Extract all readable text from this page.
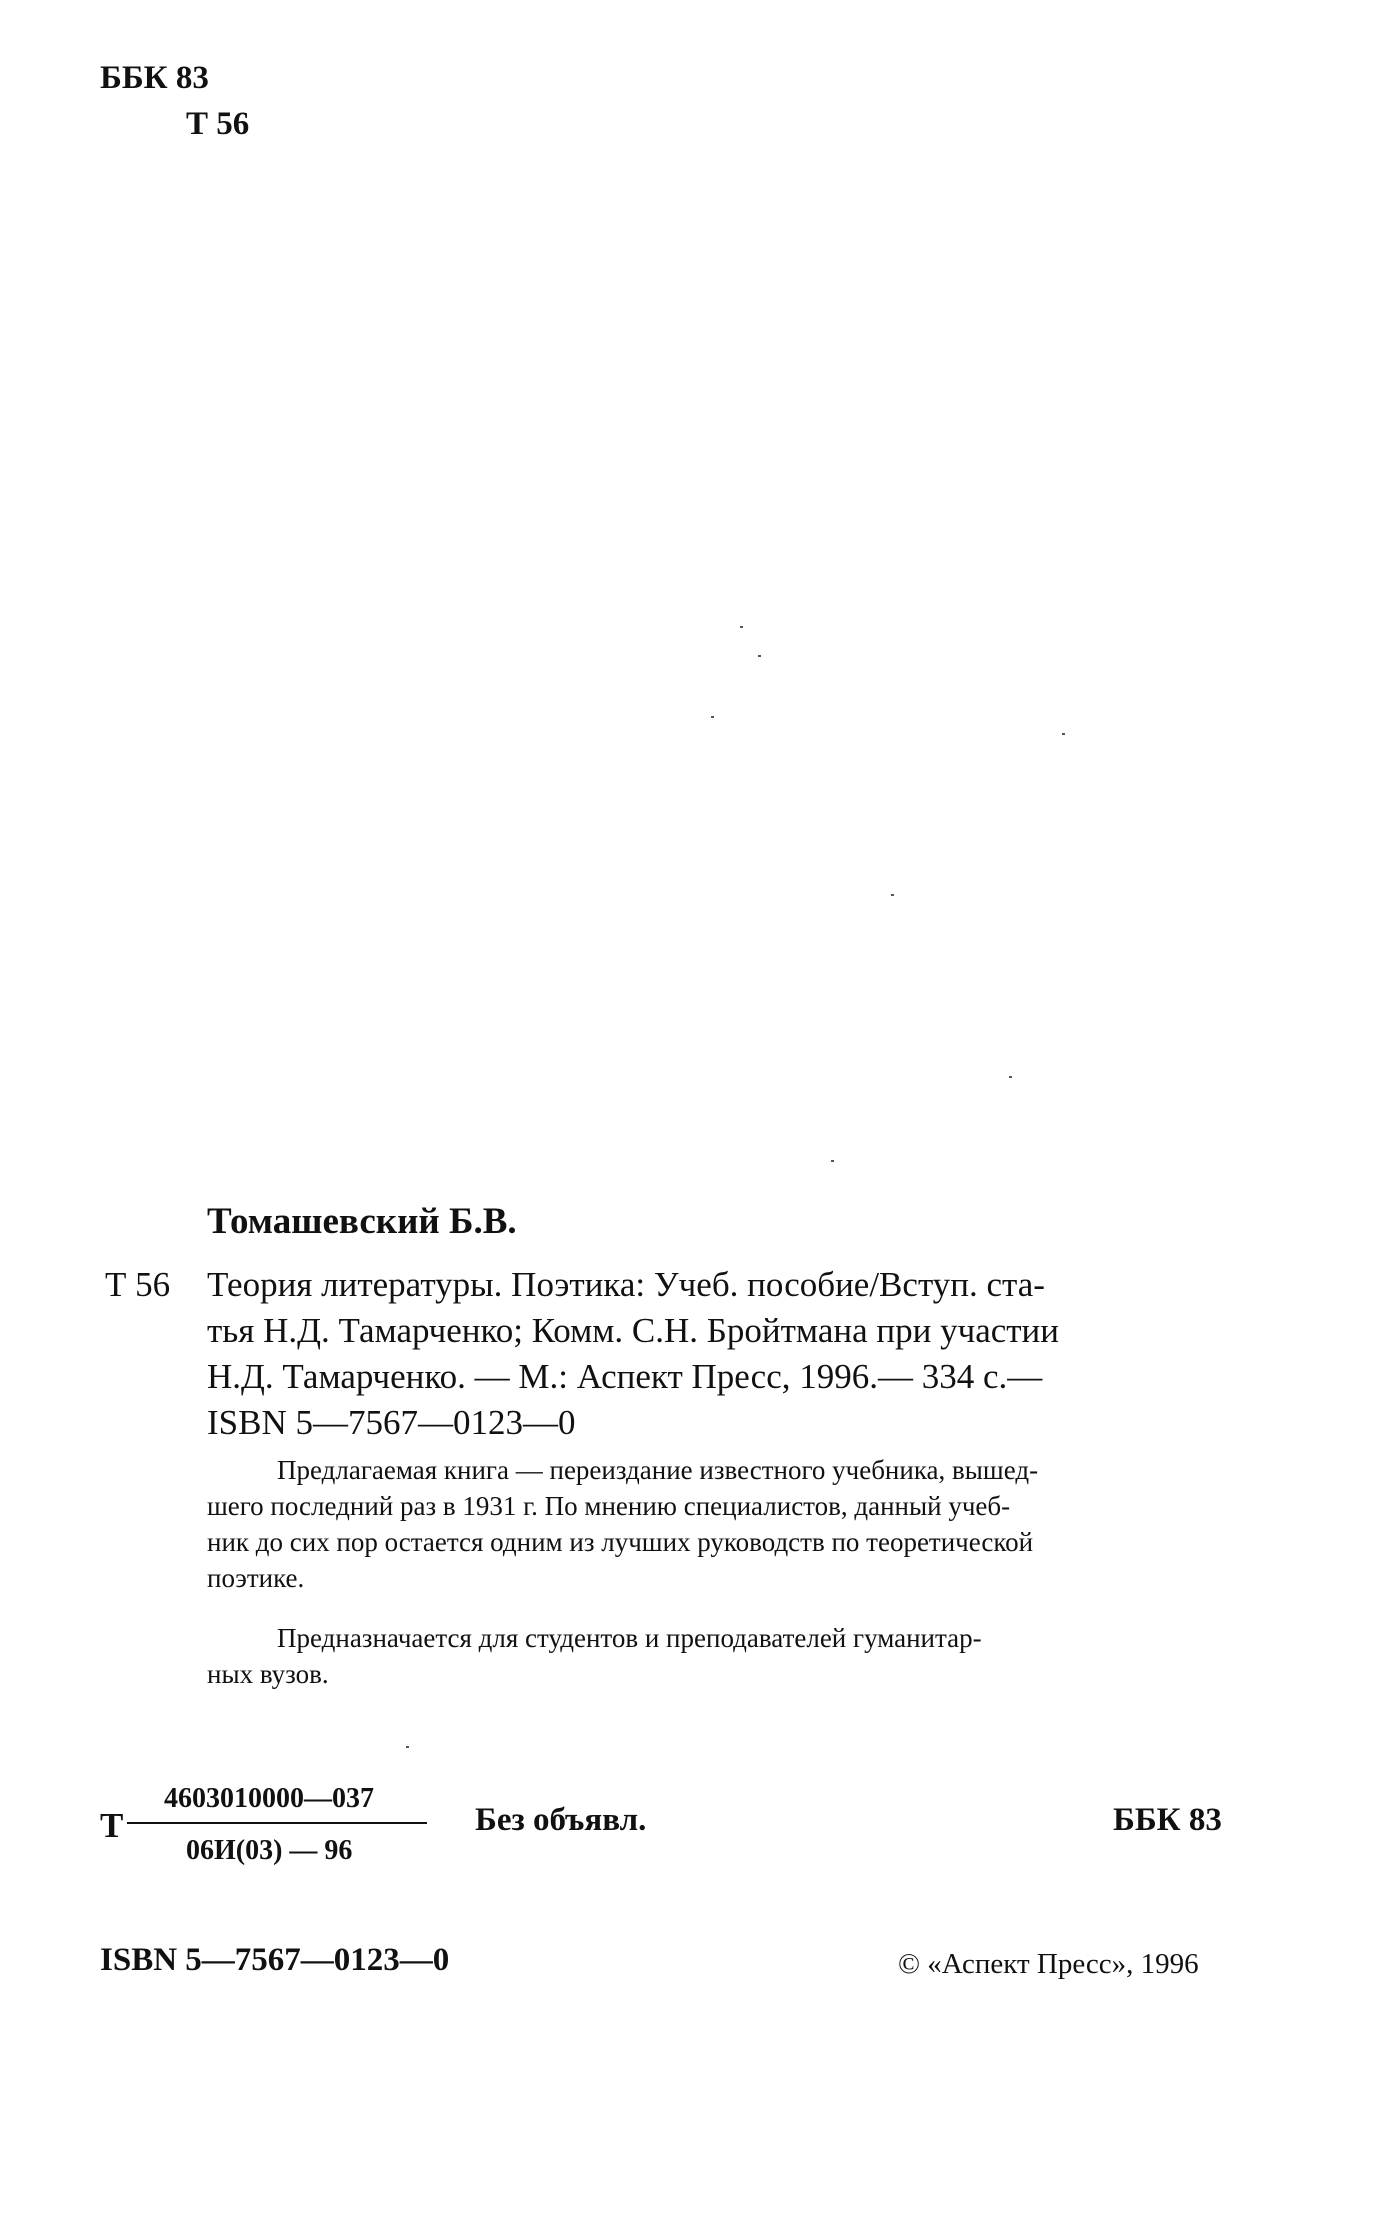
ББК 83
Т 56
Томашевский Б.В.
Т 56 Теория литературы. Поэтика: Учеб. пособие/Вступ. ста-
тья Н.Д. Тамарченко; Комм. С.Н. Бройтмана при участии
Н.Д. Тамарченко. — М.: Аспект Пресс, 1996.— 334 с.—
ISBN 5—7567—0123—0
Предлагаемая книга — переиздание известного учебника, вышед-
шего последний раз в 1931 г. По мнению специалистов, данный учеб-
ник до сих пор остается одним из лучших руководств по теоретической
поэтике.
Предназначается для студентов и преподавателей гуманитар-
ных вузов.
Т
4603010000—037
06И(03) — 96
Без объявл.	ББК 83
ISBN 5—7567—0123—0	© «Аспект Пресс», 1996
